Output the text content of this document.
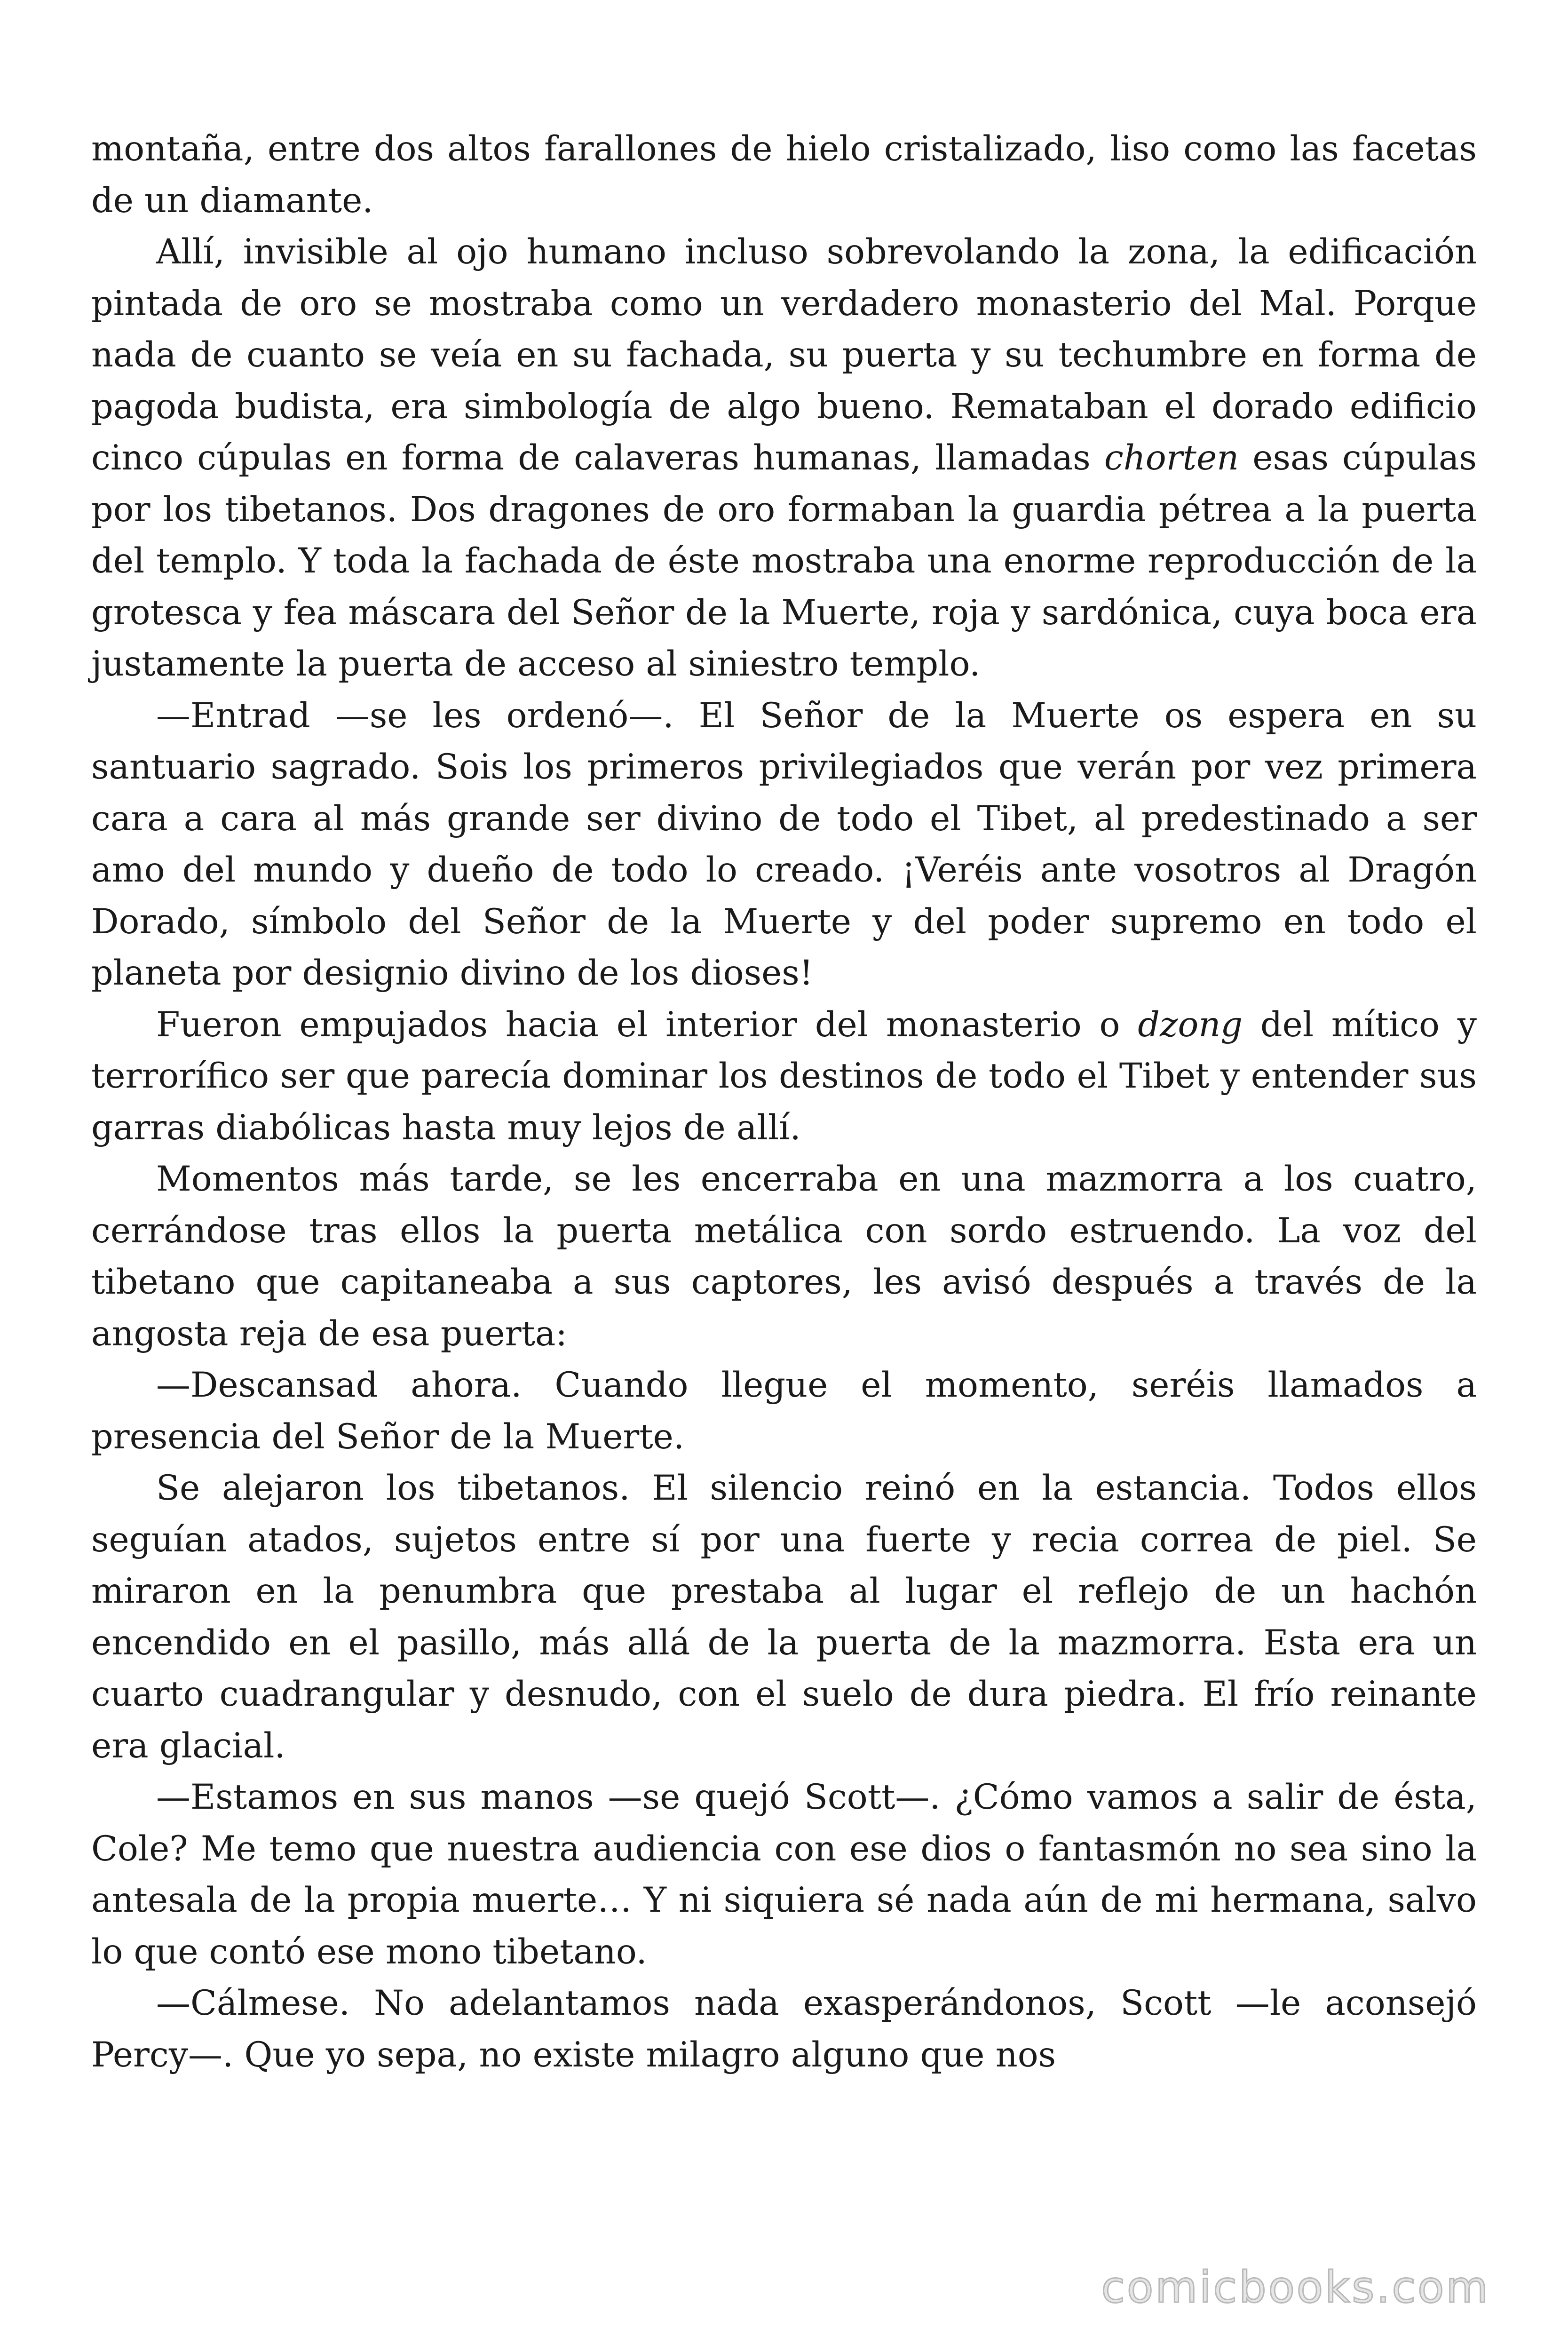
montaña, entre dos altos farallones de hielo cristalizado, liso como las facetas de un diamante.

Allí, invisible al ojo humano incluso sobrevolando la zona, la edificación pintada de oro se mostraba como un verdadero monasterio del Mal. Porque nada de cuanto se veía en su fachada, su puerta y su techumbre en forma de pagoda budista, era simbología de algo bueno. Remataban el dorado edificio cinco cúpulas en forma de calaveras humanas, llamadas chorten esas cúpulas por los tibetanos. Dos dragones de oro formaban la guardia pétrea a la puerta del templo. Y toda la fachada de éste mostraba una enorme reproducción de la grotesca y fea máscara del Señor de la Muerte, roja y sardónica, cuya boca era justamente la puerta de acceso al siniestro templo.

—Entrad —se les ordenó—. El Señor de la Muerte os espera en su santuario sagrado. Sois los primeros privilegiados que verán por vez primera cara a cara al más grande ser divino de todo el Tibet, al predestinado a ser amo del mundo y dueño de todo lo creado. ¡Veréis ante vosotros al Dragón Dorado, símbolo del Señor de la Muerte y del poder supremo en todo el planeta por designio divino de los dioses!

Fueron empujados hacia el interior del monasterio o dzong del mítico y terrorífico ser que parecía dominar los destinos de todo el Tibet y entender sus garras diabólicas hasta muy lejos de allí.

Momentos más tarde, se les encerraba en una mazmorra a los cuatro, cerrándose tras ellos la puerta metálica con sordo estruendo. La voz del tibetano que capitaneaba a sus captores, les avisó después a través de la angosta reja de esa puerta:

—Descansad ahora. Cuando llegue el momento, seréis llamados a presencia del Señor de la Muerte.

Se alejaron los tibetanos. El silencio reinó en la estancia. Todos ellos seguían atados, sujetos entre sí por una fuerte y recia correa de piel. Se miraron en la penumbra que prestaba al lugar el reflejo de un hachón encendido en el pasillo, más allá de la puerta de la mazmorra. Esta era un cuarto cuadrangular y desnudo, con el suelo de dura piedra. El frío reinante era glacial.

—Estamos en sus manos —se quejó Scott—. ¿Cómo vamos a salir de ésta, Cole? Me temo que nuestra audiencia con ese dios o fantasmón no sea sino la antesala de la propia muerte… Y ni siquiera sé nada aún de mi hermana, salvo lo que contó ese mono tibetano.

—Cálmese. No adelantamos nada exasperándonos, Scott —le aconsejó Percy—. Que yo sepa, no existe milagro alguno que nos

comicbooks.com
